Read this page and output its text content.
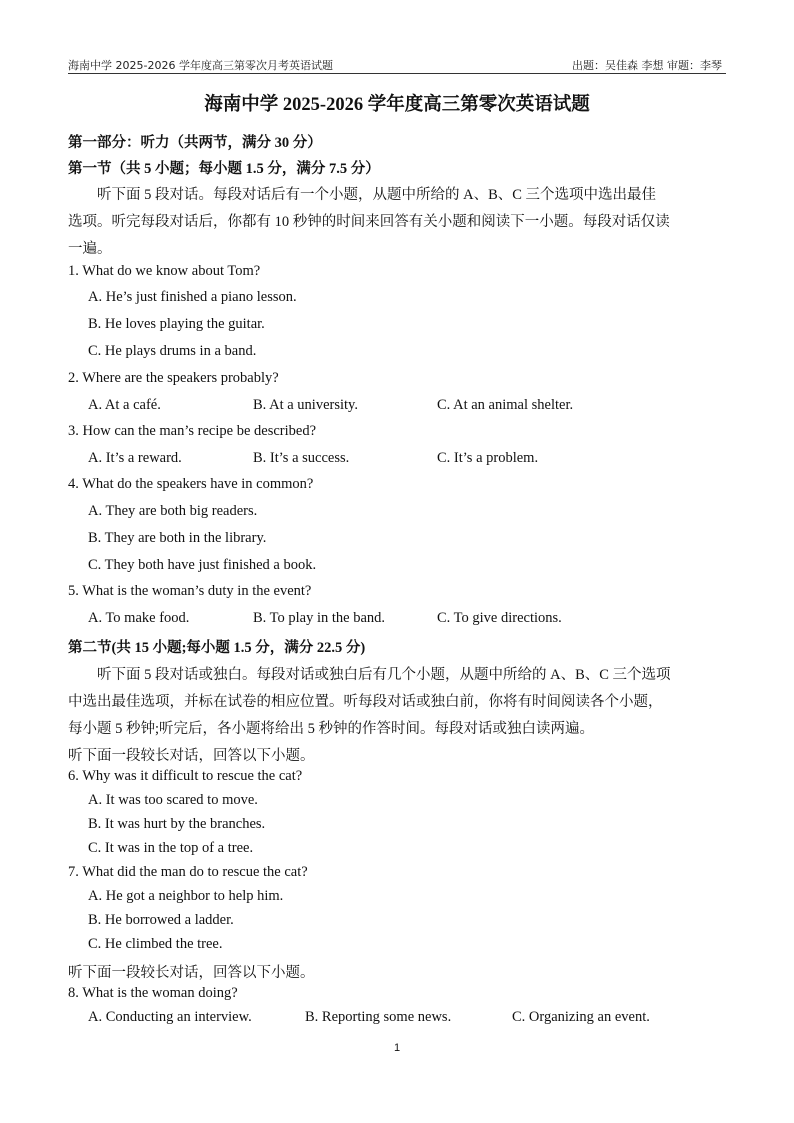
海南中学 2025-2026 学年度高三第零次月考英语试题	出题：吴佳森 李想 审题：李琴
海南中学 2025-2026 学年度高三第零次英语试题
第一部分：听力（共两节，满分 30 分）
第一节（共 5 小题；每小题 1.5 分，满分 7.5 分）
　　听下面 5 段对话。每段对话后有一个小题，从题中所给的 A、B、C 三个选项中选出最佳
选项。听完每段对话后，你都有 10 秒钟的时间来回答有关小题和阅读下一小题。每段对话仅读
一遍。
1. What do we know about Tom?
A. He’s just finished a piano lesson.
B. He loves playing the guitar.
C. He plays drums in a band.
2. Where are the speakers probably?
A. At a café.	B. At a university.	C. At an animal shelter.
3. How can the man’s recipe be described?
A. It’s a reward.	B. It’s a success.	C. It’s a problem.
4. What do the speakers have in common?
A. They are both big readers.
B. They are both in the library.
C. They both have just finished a book.
5. What is the woman’s duty in the event?
A. To make food.	B. To play in the band.	C. To give directions.
第二节(共 15 小题;每小题 1.5 分，满分 22.5 分)
　　听下面 5 段对话或独白。每段对话或独白后有几个小题，从题中所给的 A、B、C 三个选项
中选出最佳选项，并标在试卷的相应位置。听每段对话或独白前，你将有时间阅读各个小题，
每小题 5 秒钟;听完后，各小题将给出 5 秒钟的作答时间。每段对话或独白读两遍。
听下面一段较长对话，回答以下小题。
6. Why was it difficult to rescue the cat?
A. It was too scared to move.
B. It was hurt by the branches.
C. It was in the top of a tree.
7. What did the man do to rescue the cat?
A. He got a neighbor to help him.
B. He borrowed a ladder.
C. He climbed the tree.
听下面一段较长对话，回答以下小题。
8. What is the woman doing?
A. Conducting an interview.	B. Reporting some news.	C. Organizing an event.
1
